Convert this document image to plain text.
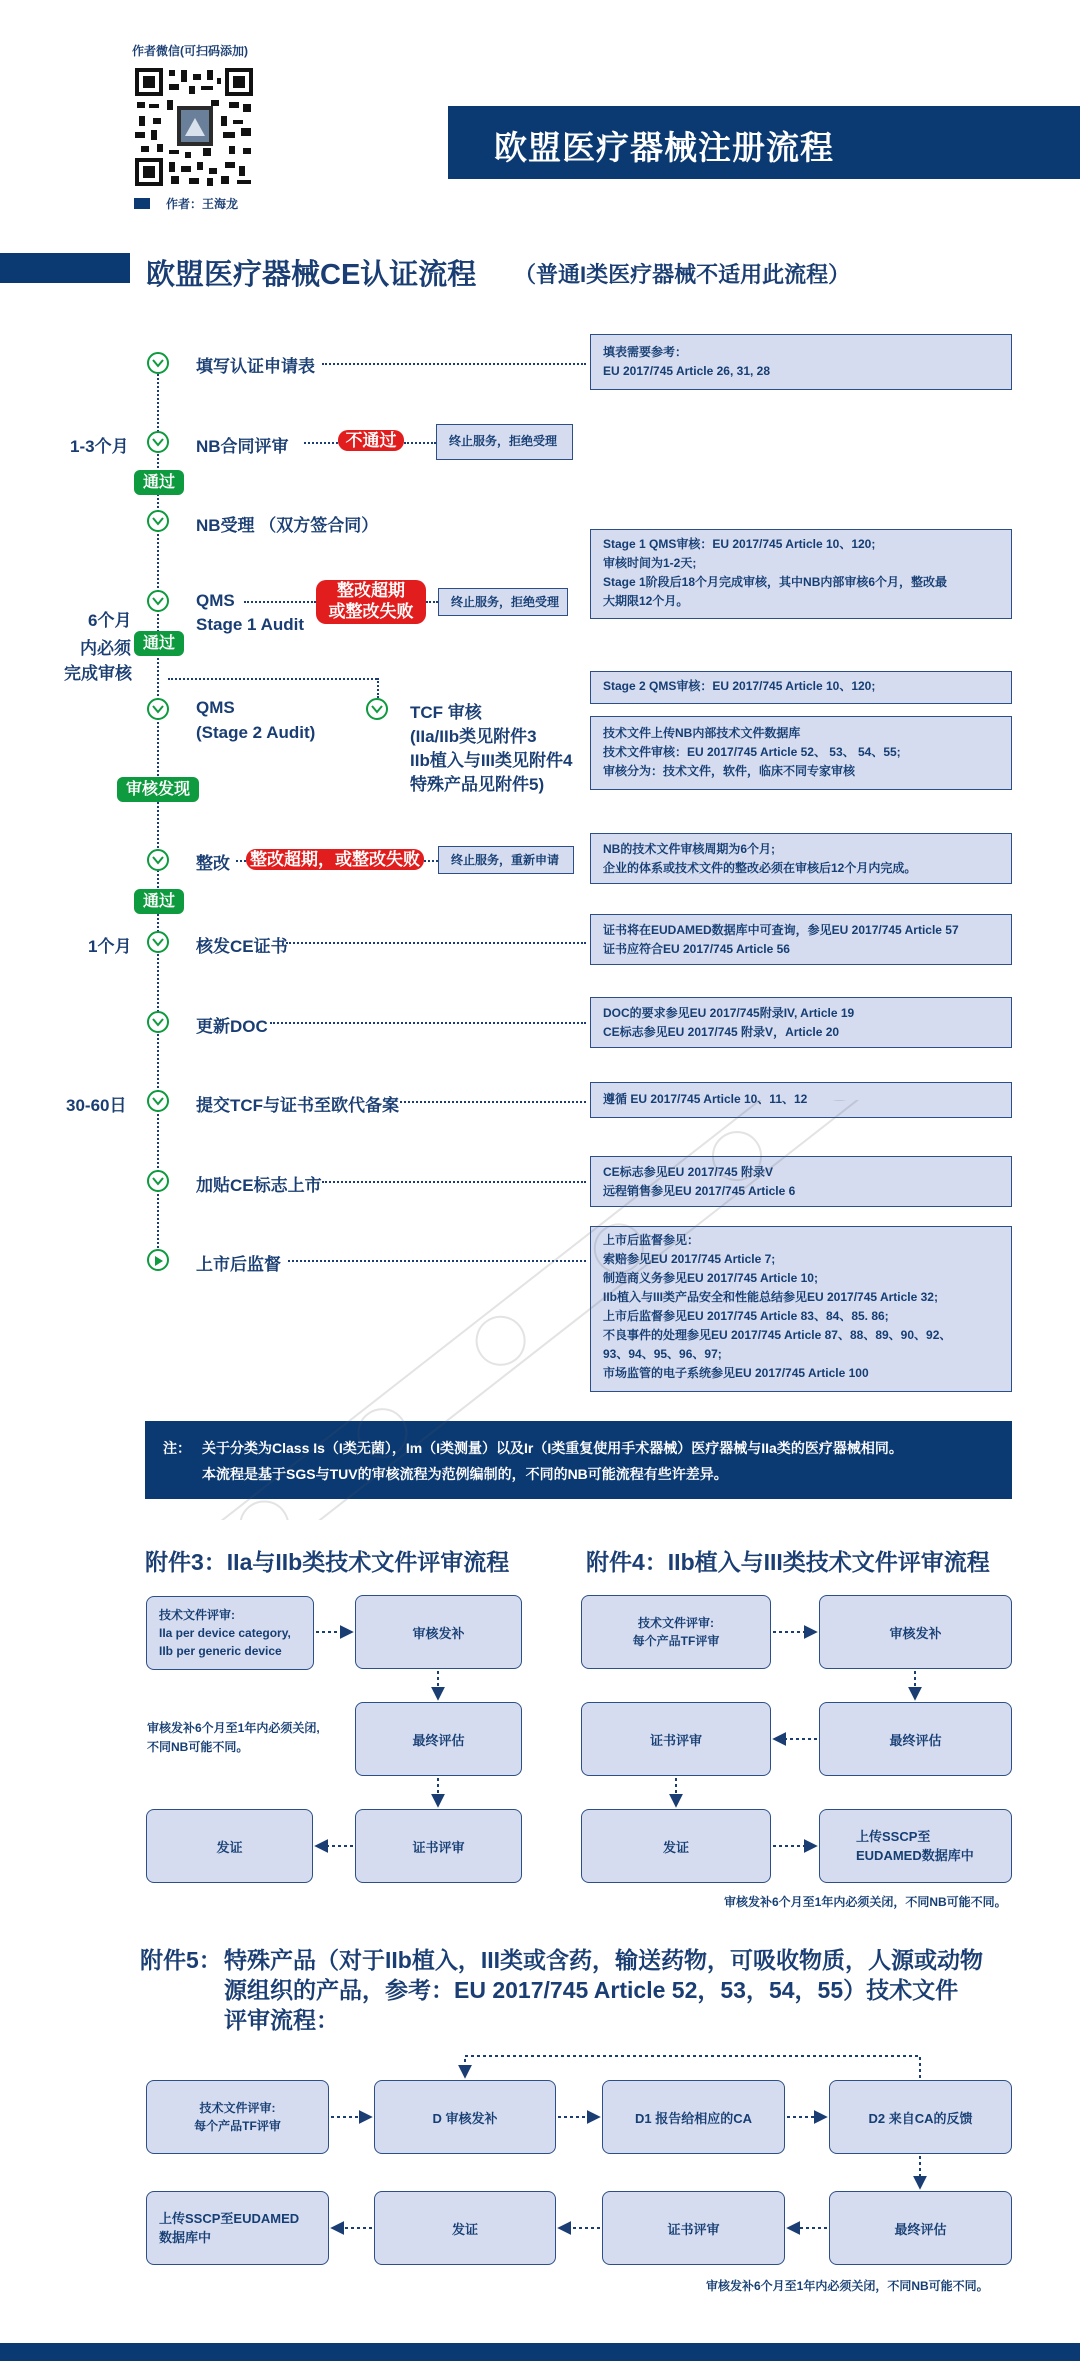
作者微信(可扫码添加)
作者：王海龙
欧盟医疗器械注册流程
欧盟医疗器械CE认证流程 （普通I类医疗器械不适用此流程）
1-3个月
6个月
内必须
完成审核
1个月
30-60日
通过
通过
审核发现
通过
填写认证申请表
NB合同评审	不通过	终止服务，拒绝受理
NB受理 （双方签合同）
QMS
Stage 1 Audit
整改超期
或整改失败	终止服务，拒绝受理
QMS
(Stage 2 Audit)
TCF 审核
(IIa/IIb类见附件3
IIb植入与III类见附件4
特殊产品见附件5)
整改 整改超期，或整改失败	终止服务，重新申请
核发CE证书
更新DOC
提交TCF与证书至欧代备案
加贴CE标志上市
上市后监督
填表需要参考：
EU 2017/745 Article 26, 31, 28
Stage 1 QMS审核：EU 2017/745 Article 10、120;
审核时间为1-2天;
Stage 1阶段后18个月完成审核，其中NB内部审核6个月，整改最
大期限12个月。
Stage 2 QMS审核：EU 2017/745 Article 10、120;
技术文件上传NB内部技术文件数据库
技术文件审核：EU 2017/745 Article 52、 53、 54、55;
审核分为：技术文件，软件，临床不同专家审核
NB的技术文件审核周期为6个月;
企业的体系或技术文件的整改必须在审核后12个月内完成。
证书将在EUDAMED数据库中可查询，参见EU 2017/745 Article 57
证书应符合EU 2017/745 Article 56
DOC的要求参见EU 2017/745附录IV, Article 19
CE标志参见EU 2017/745 附录V，Article 20
遵循 EU 2017/745 Article 10、11、12
CE标志参见EU 2017/745 附录V
远程销售参见EU 2017/745 Article 6
上市后监督参见：
索赔参见EU 2017/745 Article 7;
制造商义务参见EU 2017/745 Article 10;
IIb植入与III类产品安全和性能总结参见EU 2017/745 Article 32;
上市后监督参见EU 2017/745 Article 83、84、85. 86;
不良事件的处理参见EU 2017/745 Article 87、88、89、90、92、
93、94、95、96、97;
市场监管的电子系统参见EU 2017/745 Article 100
注： 关于分类为Class Is（I类无菌），Im（I类测量）以及Ir（I类重复使用手术器械）医疗器械与IIa类的医疗器械相同。
本流程是基于SGS与TUV的审核流程为范例编制的，不同的NB可能流程有些许差异。
附件3：IIa与IIb类技术文件评审流程
技术文件评审:
IIa per device category,
IIb per generic device
审核发补
最终评估
发证	证书评审
审核发补6个月至1年内必须关闭,
不同NB可能不同。
附件4：IIb植入与III类技术文件评审流程
技术文件评审:
每个产品TF评审
审核发补
证书评审	最终评估
发证
上传SSCP至
EUDAMED数据库中
审核发补6个月至1年内必须关闭，不同NB可能不同。
附件5： 特殊产品（对于IIb植入，III类或含药，输送药物，可吸收物质，人源或动物
源组织的产品，参考：EU 2017/745 Article 52，53，54，55）技术文件
评审流程：
技术文件评审:
每个产品TF评审
D 审核发补	D1 报告给相应的CA	D2 来自CA的反馈
上传SSCP至EUDAMED
数据库中
发证	证书评审	最终评估
审核发补6个月至1年内必须关闭，不同NB可能不同。
